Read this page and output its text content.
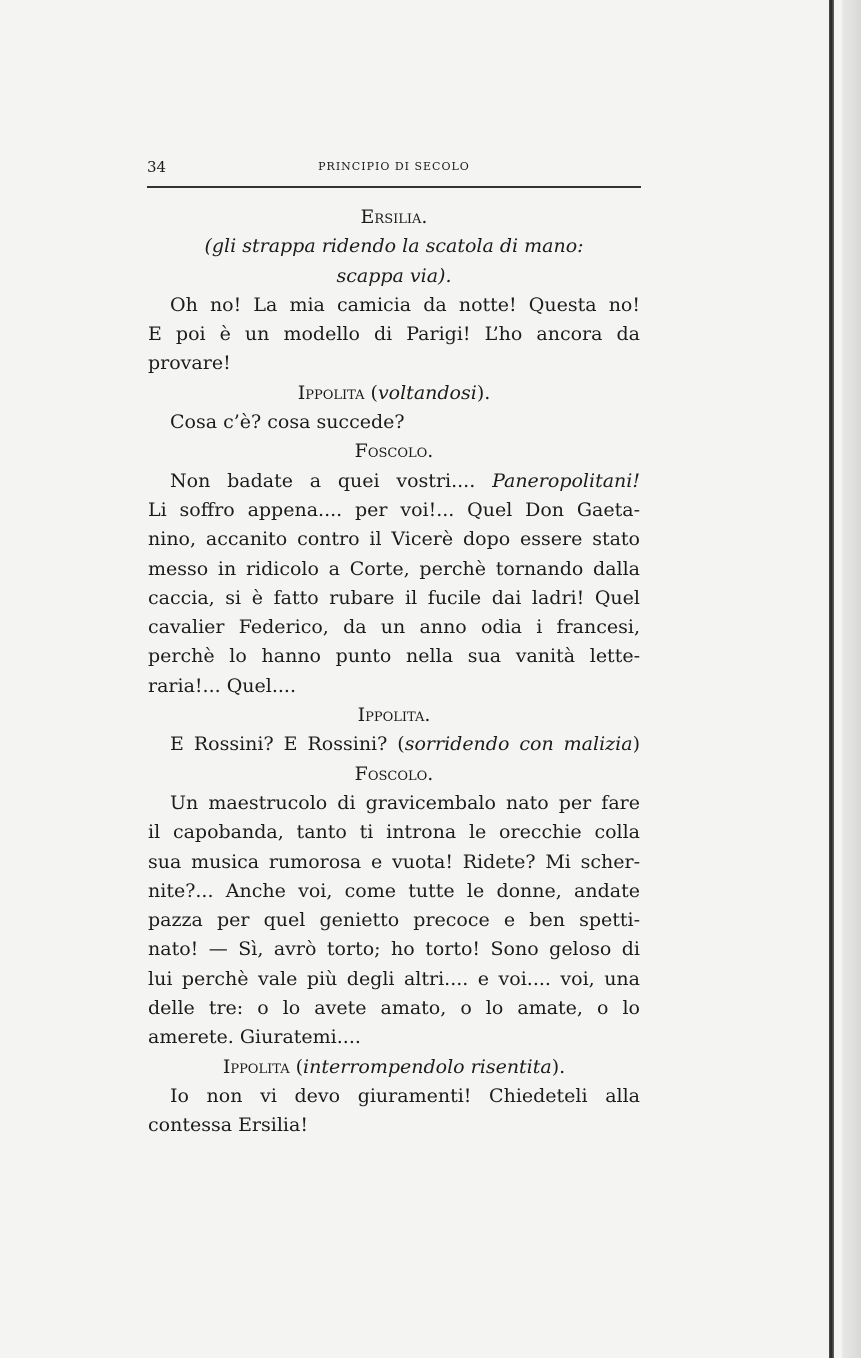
34	PRINCIPIO DI SECOLO
Ersilia.
(gli strappa ridendo la scatola di mano:
scappa via).
Oh no! La mia camicia da notte! Questa no!
E poi è un modello di Parigi! L’ho ancora da
provare!
Ippolita (voltandosi).
Cosa c’è? cosa succede?
Foscolo.
Non badate a quei vostri.... Paneropolitani!
Li soffro appena.... per voi!... Quel Don Gaeta-
nino, accanito contro il Vicerè dopo essere stato
messo in ridicolo a Corte, perchè tornando dalla
caccia, si è fatto rubare il fucile dai ladri! Quel
cavalier Federico, da un anno odia i francesi,
perchè lo hanno punto nella sua vanità lette-
raria!... Quel....
Ippolita.
E Rossini? E Rossini? (sorridendo con malizia)
Foscolo.
Un maestrucolo di gravicembalo nato per fare
il capobanda, tanto ti introna le orecchie colla
sua musica rumorosa e vuota! Ridete? Mi scher-
nite?... Anche voi, come tutte le donne, andate
pazza per quel genietto precoce e ben spetti-
nato! — Sì, avrò torto; ho torto! Sono geloso di
lui perchè vale più degli altri.... e voi.... voi, una
delle tre: o lo avete amato, o lo amate, o lo
amerete. Giuratemi....
Ippolita (interrompendolo risentita).
Io non vi devo giuramenti! Chiedeteli alla
contessa Ersilia!
